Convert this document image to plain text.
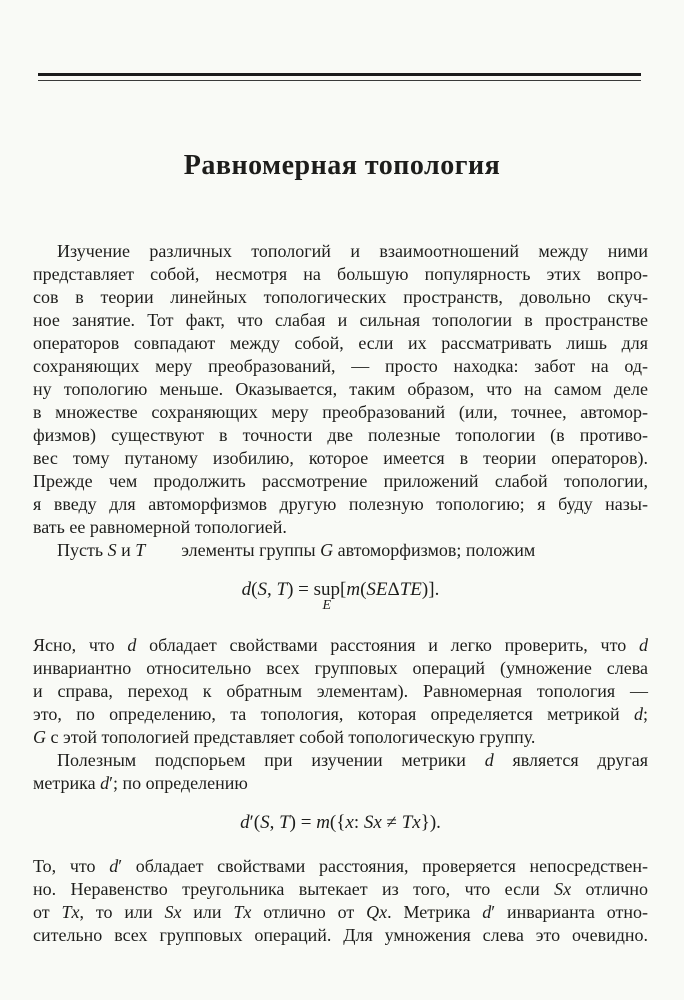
Равномерная топология
Изучение различных топологий и взаимоотношений между ними
представляет собой, несмотря на большую популярность этих вопро-
сов в теории линейных топологических пространств, довольно скуч-
ное занятие. Тот факт, что слабая и сильная топологии в пространстве
операторов совпадают между собой, если их рассматривать лишь для
сохраняющих меру преобразований, — просто находка: забот на од-
ну топологию меньше. Оказывается, таким образом, что на самом деле
в множестве сохраняющих меру преобразований (или, точнее, автомор-
физмов) существуют в точности две полезные топологии (в противо-
вес тому путаному изобилию, которое имеется в теории операторов).
Прежде чем продолжить рассмотрение приложений слабой топологии,
я введу для автоморфизмов другую полезную топологию; я буду назы-
вать ее равномерной топологией.
Пусть S и T элементы группы G автоморфизмов; положим
d(S, T) = sup
E
[m(SEΔTE)].
Ясно, что d обладает свойствами расстояния и легко проверить, что d
инвариантно относительно всех групповых операций (умножение слева
и справа, переход к обратным элементам). Равномерная топология —
это, по определению, та топология, которая определяется метрикой d;
G с этой топологией представляет собой топологическую группу.
Полезным подспорьем при изучении метрики d является другая
метрика d′; по определению
d′(S, T) = m({x: Sx ≠ Tx}).
То, что d′ обладает свойствами расстояния, проверяется непосредствен-
но. Неравенство треугольника вытекает из того, что если Sx отлично
от Tx, то или Sx или Tx отлично от Qx. Метрика d′ инварианта отно-
сительно всех групповых операций. Для умножения слева это очевидно.
